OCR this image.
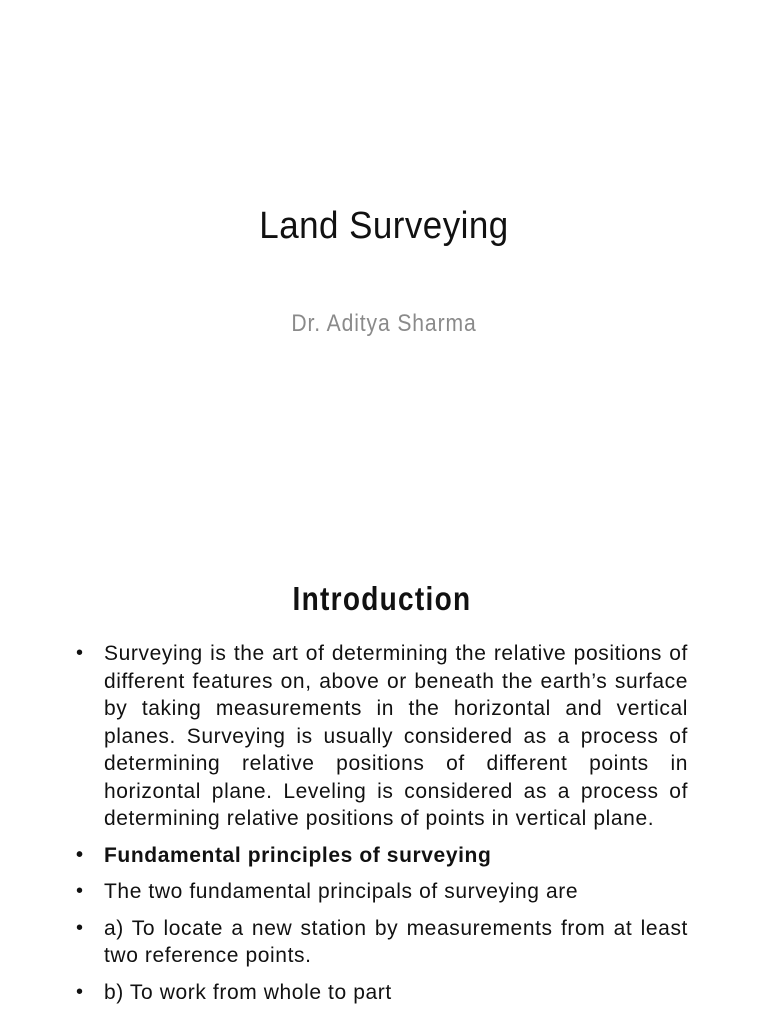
Land Surveying

Dr. Aditya Sharma

Introduction
• Surveying is the art of determining the relative positions of different features on, above or beneath the earth’s surface by taking measurements in the horizontal and vertical planes. Surveying is usually considered as a process of determining relative positions of different points in horizontal plane. Leveling is considered as a process of determining relative positions of points in vertical plane.
• Fundamental principles of surveying
• The two fundamental principals of surveying are
• a) To locate a new station by measurements from at least two reference points.
• b) To work from whole to part
